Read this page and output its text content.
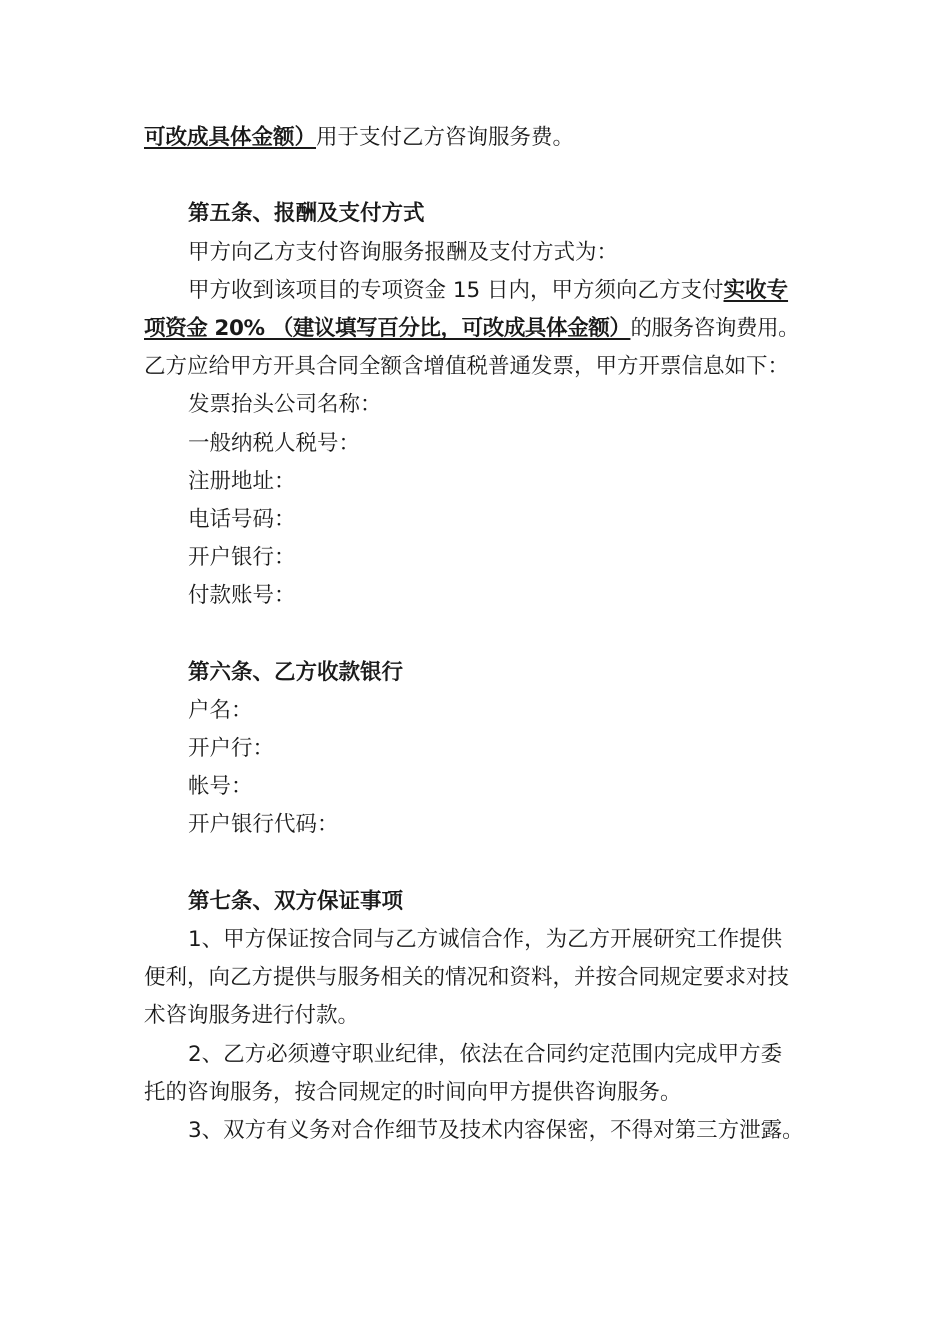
可改成具体金额）用于支付乙方咨询服务费。
第五条、报酬及支付方式
甲方向乙方支付咨询服务报酬及支付方式为：
甲方收到该项目的专项资金 15 日内，甲方须向乙方支付实收专
项资金 20% （建议填写百分比，可改成具体金额）的服务咨询费用。
乙方应给甲方开具合同全额含增值税普通发票，甲方开票信息如下：
发票抬头公司名称：
一般纳税人税号：
注册地址：
电话号码：
开户银行：
付款账号：
第六条、乙方收款银行
户名：
开户行：
帐号：
开户银行代码：
第七条、双方保证事项
1、甲方保证按合同与乙方诚信合作，为乙方开展研究工作提供
便利，向乙方提供与服务相关的情况和资料，并按合同规定要求对技
术咨询服务进行付款。
2、乙方必须遵守职业纪律，依法在合同约定范围内完成甲方委
托的咨询服务，按合同规定的时间向甲方提供咨询服务。
3、双方有义务对合作细节及技术内容保密，不得对第三方泄露。
